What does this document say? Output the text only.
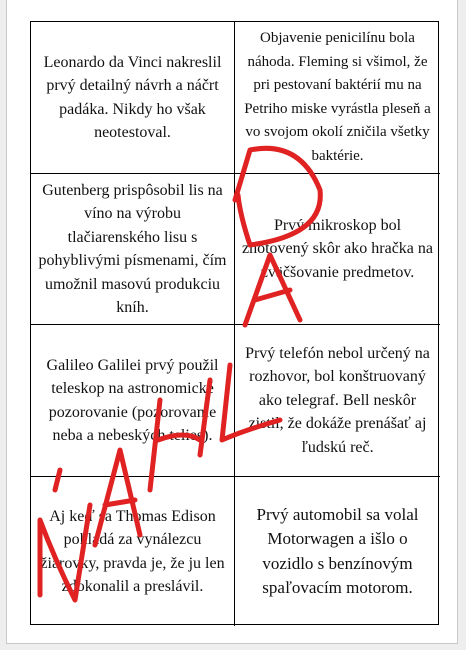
Leonardo da Vinci nakreslil prvý detailný návrh a náčrt padáka. Nikdy ho však neotestoval.
Objavenie penicilínu bola náhoda. Fleming si všimol, že pri pestovaní baktérií mu na Petriho miske vyrástla pleseň a vo svojom okolí zničila všetky baktérie.
Gutenberg prispôsobil lis na víno na výrobu tlačiarenského lisu s pohyblivými písmenami, čím umožnil masovú produkciu kníh.
Prvý mikroskop bol zhotovený skôr ako hračka na zväčšovanie predmetov.
Galileo Galilei prvý použil teleskop na astronomické pozorovanie (pozorovanie neba a nebeských telies).
Prvý telefón nebol určený na rozhovor, bol konštruovaný ako telegraf. Bell neskôr zistil, že dokáže prenášať aj ľudskú reč.
Aj keď sa Thomas Edison pokladá za vynálezcu žiarovky, pravda je, že ju len zdokonalil a preslávil.
Prvý automobil sa volal Motorwagen a išlo o vozidlo s benzínovým spaľovacím motorom.
